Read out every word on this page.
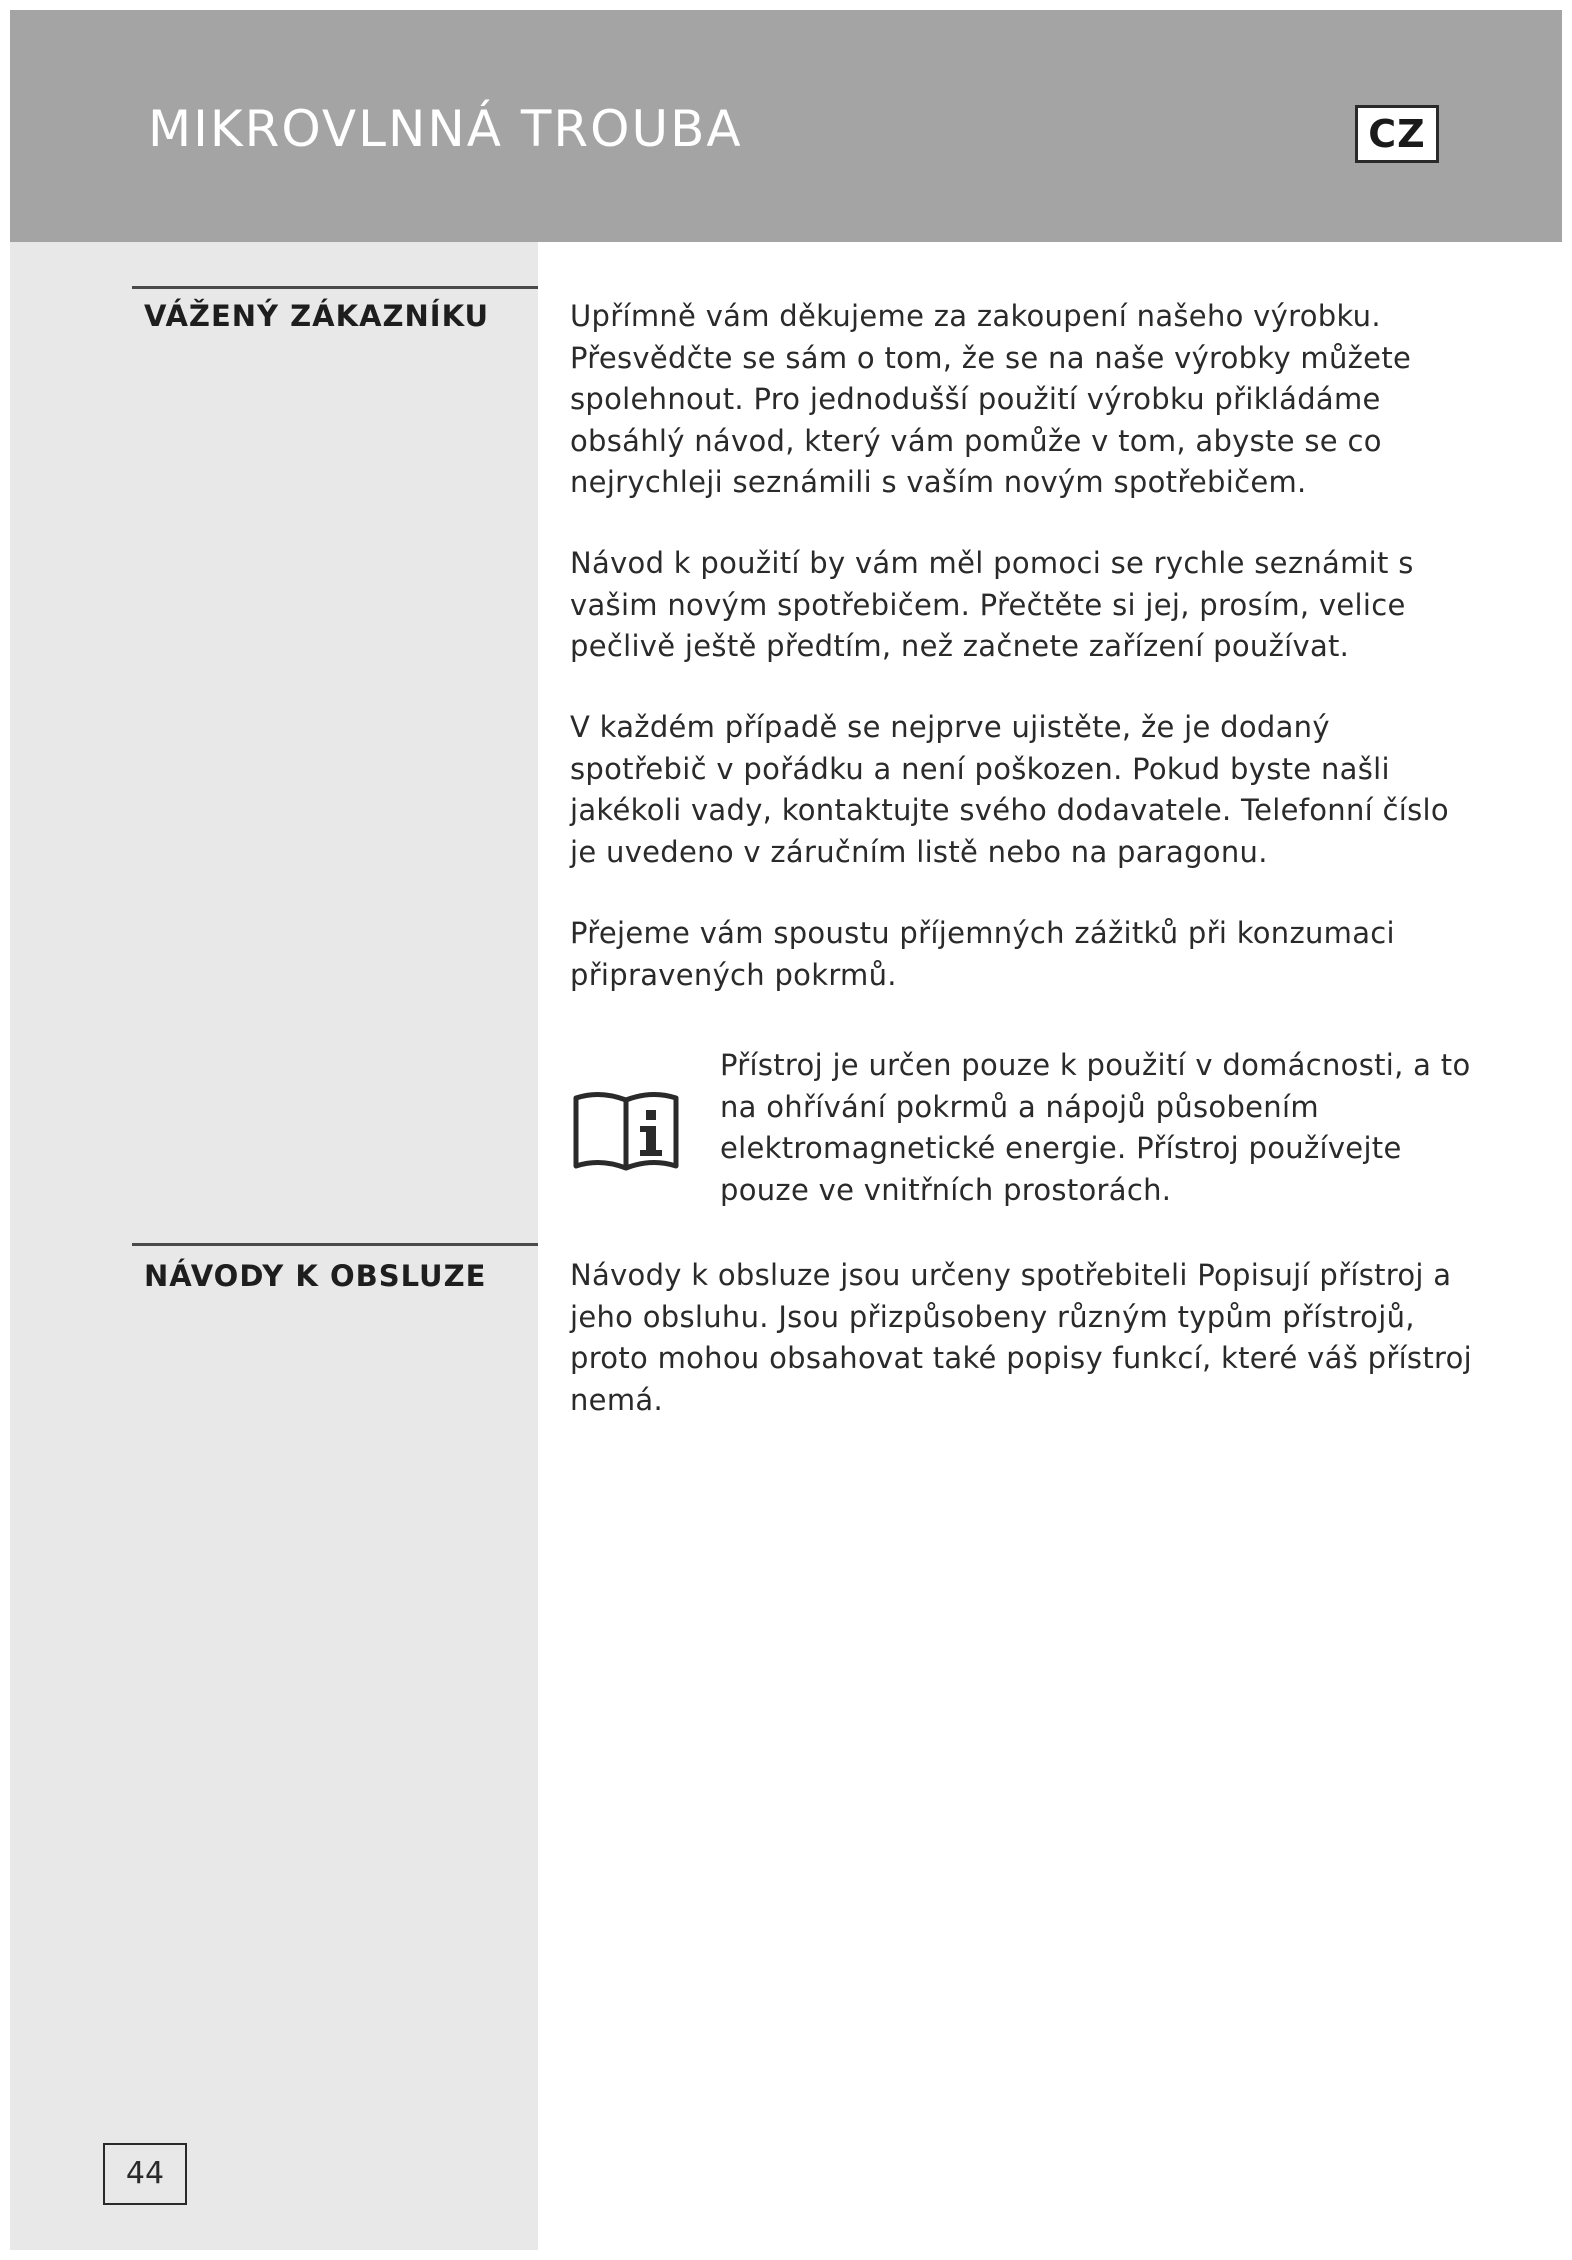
MIKROVLNNÁ TROUBA	CZ
VÁŽENÝ ZÁKAZNÍKU	Upřímně vám děkujeme za zakoupení našeho výrobku. Přesvědčte se sám o tom, že se na naše výrobky můžete spolehnout. Pro jednodušší použití výrobku přikládáme obsáhlý návod, který vám pomůže v tom, abyste se co nejrychleji seznámili s vaším novým spotřebičem.

Návod k použití by vám měl pomoci se rychle seznámit s vašim novým spotřebičem. Přečtěte si jej, prosím, velice pečlivě ještě předtím, než začnete zařízení používat.

V každém případě se nejprve ujistěte, že je dodaný spotřebič v pořádku a není poškozen. Pokud byste našli jakékoli vady, kontaktujte svého dodavatele. Telefonní číslo je uvedeno v záručním listě nebo na paragonu.

Přejeme vám spoustu příjemných zážitků při konzumaci připravených pokrmů.

Přístroj je určen pouze k použití v domácnosti, a to na ohřívání pokrmů a nápojů působením elektromagnetické energie. Přístroj používejte pouze ve vnitřních prostorách.

NÁVODY K OBSLUZE	Návody k obsluze jsou určeny spotřebiteli Popisují přístroj a jeho obsluhu. Jsou přizpůsobeny různým typům přístrojů, proto mohou obsahovat také popisy funkcí, které váš přístroj nemá.

44
